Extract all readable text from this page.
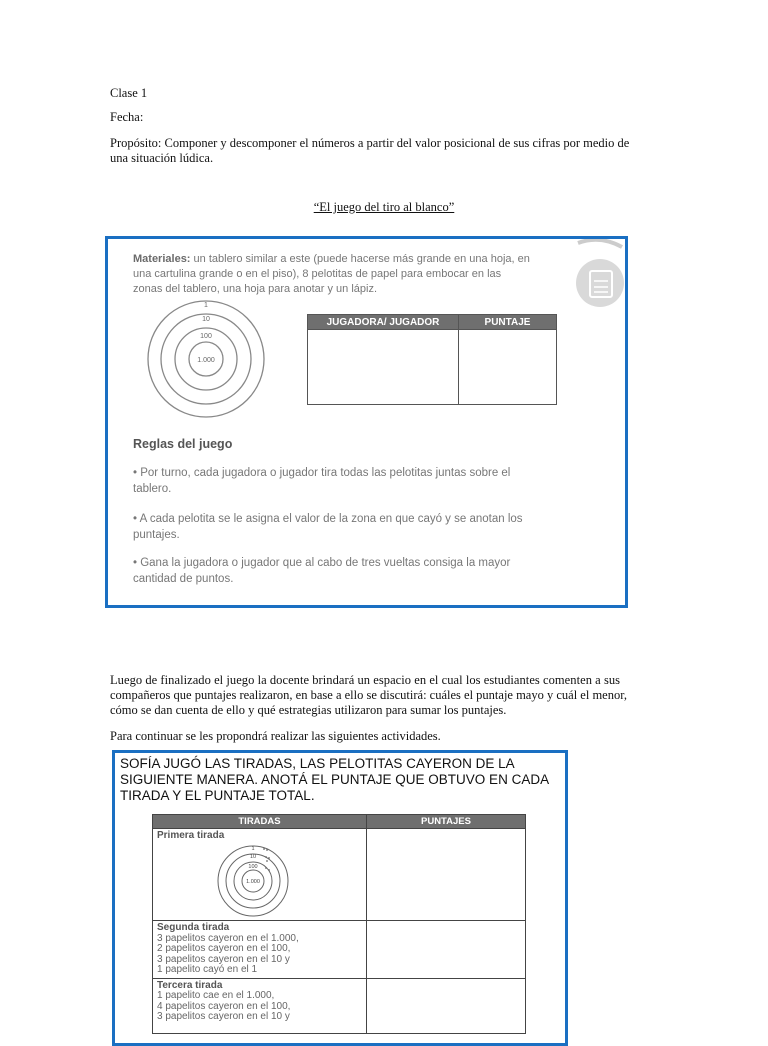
Clase 1
Fecha:
Propósito: Componer y descomponer el números a partir del valor posicional de sus cifras por medio de
una situación lúdica.
“El juego del tiro al blanco”
Materiales: un tablero similar a este (puede hacerse más grande en una hoja, en una cartulina grande o en el piso), 8 pelotitas de papel para embocar en las zonas del tablero, una hoja para anotar y un lápiz.
1
10
100
1.000
JUGADORA/ JUGADOR	PUNTAJE

Reglas del juego
• Por turno, cada jugadora o jugador tira todas las pelotitas juntas sobre el tablero.
• A cada pelotita se le asigna el valor de la zona en que cayó y se anotan los puntajes.
• Gana la jugadora o jugador que al cabo de tres vueltas consiga la mayor cantidad de puntos.
Luego de finalizado el juego la docente brindará un espacio en el cual los estudiantes comenten a sus
compañeros que puntajes realizaron, en base a ello se discutirá: cuáles el puntaje mayo y cuál el menor,
cómo se dan cuenta de ello y qué estrategias utilizaron para sumar los puntajes.
Para continuar se les propondrá realizar las siguientes actividades.
SOFÍA JUGÓ LAS TIRADAS, LAS PELOTITAS CAYERON DE LA SIGUIENTE MANERA. ANOTÁ EL PUNTAJE QUE OBTUVO EN CADA TIRADA Y EL PUNTAJE TOTAL.
TIRADAS	PUNTAJES

Primera tirada
1
10
100
1.000	

Segunda tirada
3 papelitos cayeron en el 1.000,
2 papelitos cayeron en el 100,
3 papelitos cayeron en el 10 y
1 papelito cayó en el 1	

Tercera tirada
1 papelito cae en el 1.000,
4 papelitos cayeron en el 100,
3 papelitos cayeron en el 10 y	
